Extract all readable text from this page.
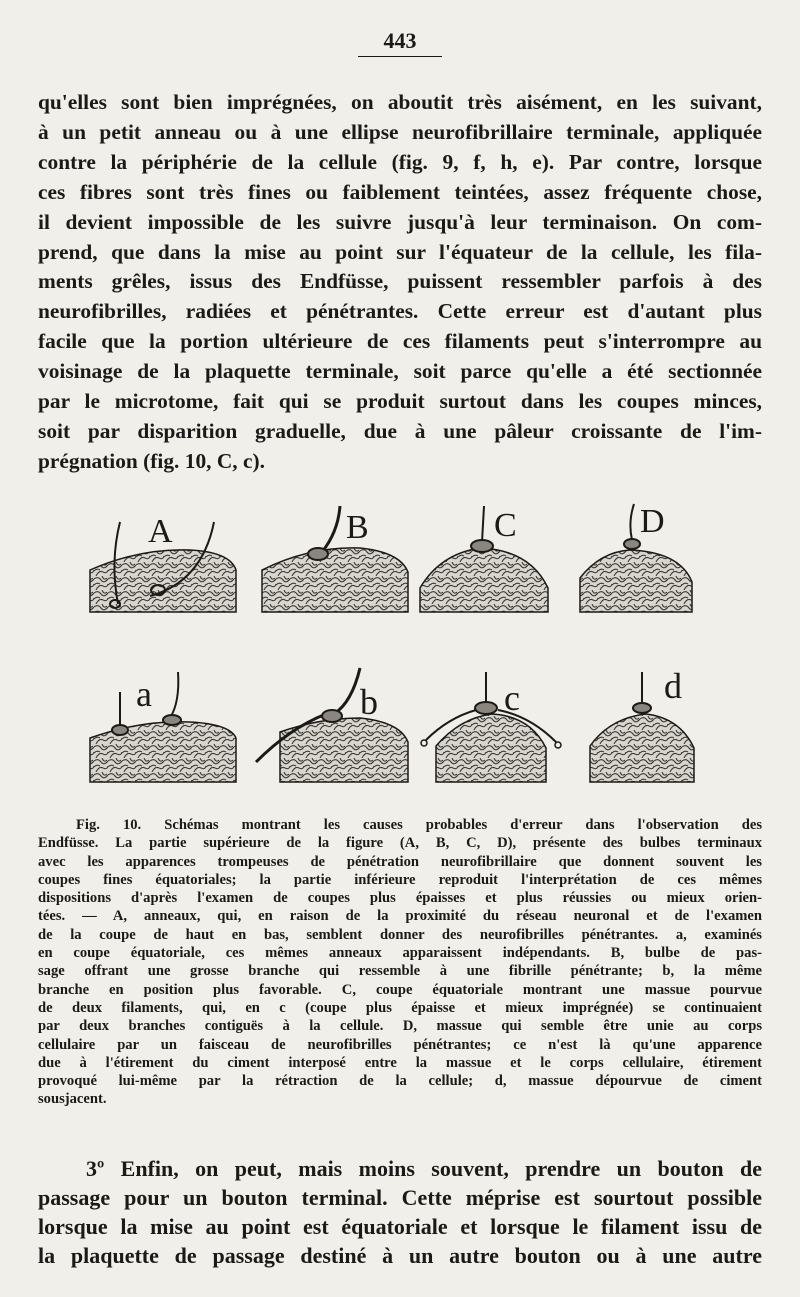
443
qu'elles sont bien imprégnées, on aboutit très aisément, en les suivant,
à un petit anneau ou à une ellipse neurofibrillaire terminale, appliquée
contre la périphérie de la cellule (fig. 9, f, h, e). Par contre, lorsque
ces fibres sont très fines ou faiblement teintées, assez fréquente chose,
il devient impossible de les suivre jusqu'à leur terminaison. On com-
prend, que dans la mise au point sur l'équateur de la cellule, les fila-
ments grêles, issus des Endfüsse, puissent ressembler parfois à des
neurofibrilles, radiées et pénétrantes. Cette erreur est d'autant plus
facile que la portion ultérieure de ces filaments peut s'interrompre au
voisinage de la plaquette terminale, soit parce qu'elle a été sectionnée
par le microtome, fait qui se produit surtout dans les coupes minces,
soit par disparition graduelle, due à une pâleur croissante de l'im-
prégnation (fig. 10, C, c).
A	B	C	D
a	b	c	d
Fig. 10. Schémas montrant les causes probables d'erreur dans l'observation des
Endfüsse. La partie supérieure de la figure (A, B, C, D), présente des bulbes terminaux
avec les apparences trompeuses de pénétration neurofibrillaire que donnent souvent les
coupes fines équatoriales; la partie inférieure reproduit l'interprétation de ces mêmes
dispositions d'après l'examen de coupes plus épaisses et plus réussies ou mieux orien-
tées. — A, anneaux, qui, en raison de la proximité du réseau neuronal et de l'examen
de la coupe de haut en bas, semblent donner des neurofibrilles pénétrantes. a, examinés
en coupe équatoriale, ces mêmes anneaux apparaissent indépendants. B, bulbe de pas-
sage offrant une grosse branche qui ressemble à une fibrille pénétrante; b, la même
branche en position plus favorable. C, coupe équatoriale montrant une massue pourvue
de deux filaments, qui, en c (coupe plus épaisse et mieux imprégnée) se continuaient
par deux branches contiguës à la cellule. D, massue qui semble être unie au corps
cellulaire par un faisceau de neurofibrilles pénétrantes; ce n'est là qu'une apparence
due à l'étirement du ciment interposé entre la massue et le corps cellulaire, étirement
provoqué lui-même par la rétraction de la cellule; d, massue dépourvue de ciment
sousjacent.
3º Enfin, on peut, mais moins souvent, prendre un bouton de
passage pour un bouton terminal. Cette méprise est sourtout possible
lorsque la mise au point est équatoriale et lorsque le filament issu de
la plaquette de passage destiné à un autre bouton ou à une autre
